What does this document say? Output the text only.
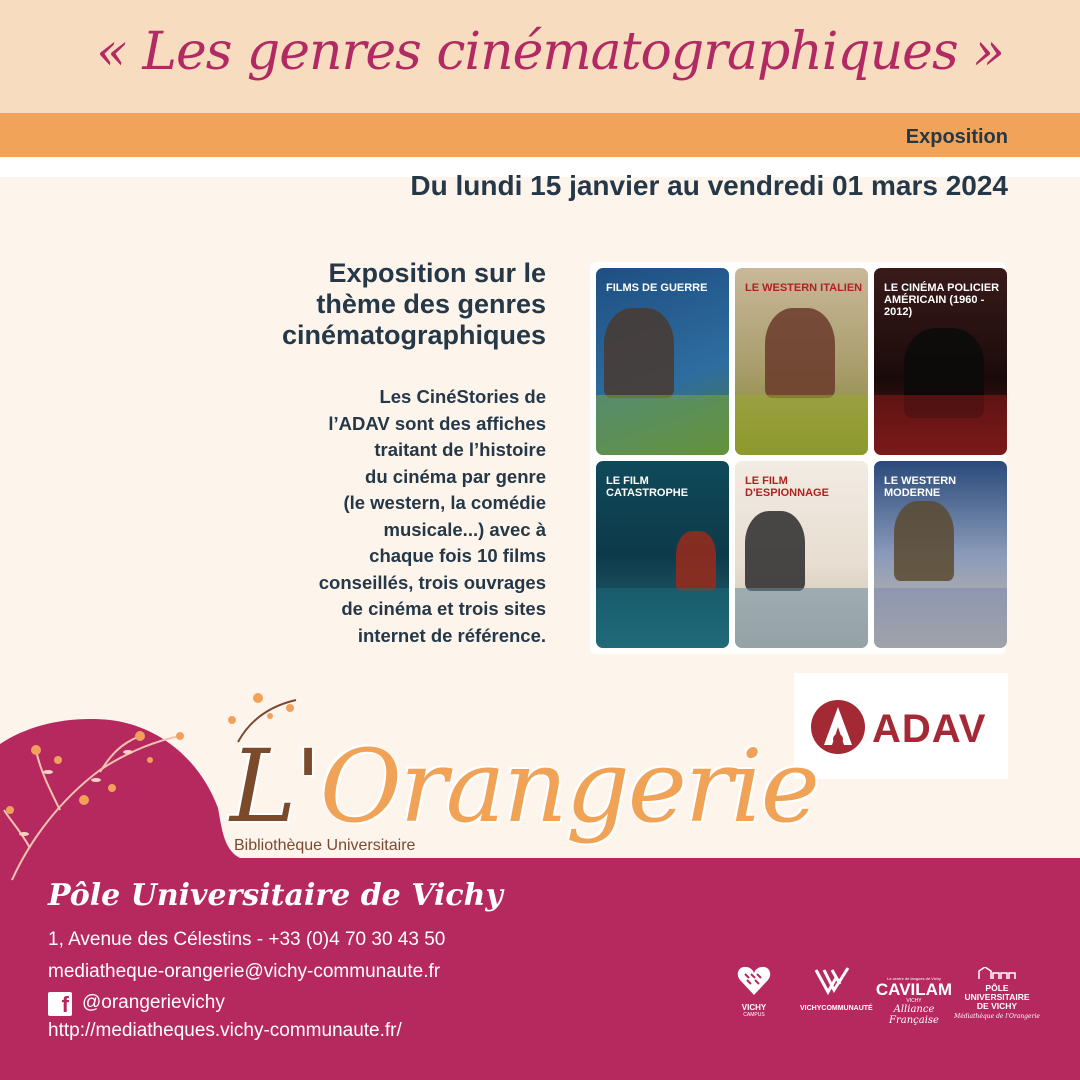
« Les genres cinématographiques »
Exposition
Du lundi 15 janvier au vendredi 01 mars 2024
Exposition sur le
thème des genres
cinématographiques
Les CinéStories de
l’ADAV sont des affiches
traitant de l’histoire
du cinéma par genre
(le western, la comédie
musicale...) avec à
chaque fois 10 films
conseillés, trois ouvrages
de cinéma et trois sites
internet de référence.
FILMS DE GUERRE	LE WESTERN ITALIEN LE CINÉMA POLICIER AMÉRICAIN (1960 - 2012)
LE FILM CATASTROPHE
LE FILM D'ESPIONNAGE
LE WESTERN MODERNE
ADAV
L'Orangerie
Bibliothèque Universitaire
Pôle Universitaire de Vichy
1, Avenue des Célestins - +33 (0)4 70 30 43 50
mediatheque-orangerie@vichy-communaute.fr
f @orangerievichy
http://mediatheques.vichy-communaute.fr/
VICHY
CAMPUS
VICHYCOMMUNAUTÉ
Le centre de langues de Vichy
CAVILAM
VICHY
Alliance Française
PÔLE
UNIVERSITAIRE
DE VICHY
Médiathèque de l'Orangerie
